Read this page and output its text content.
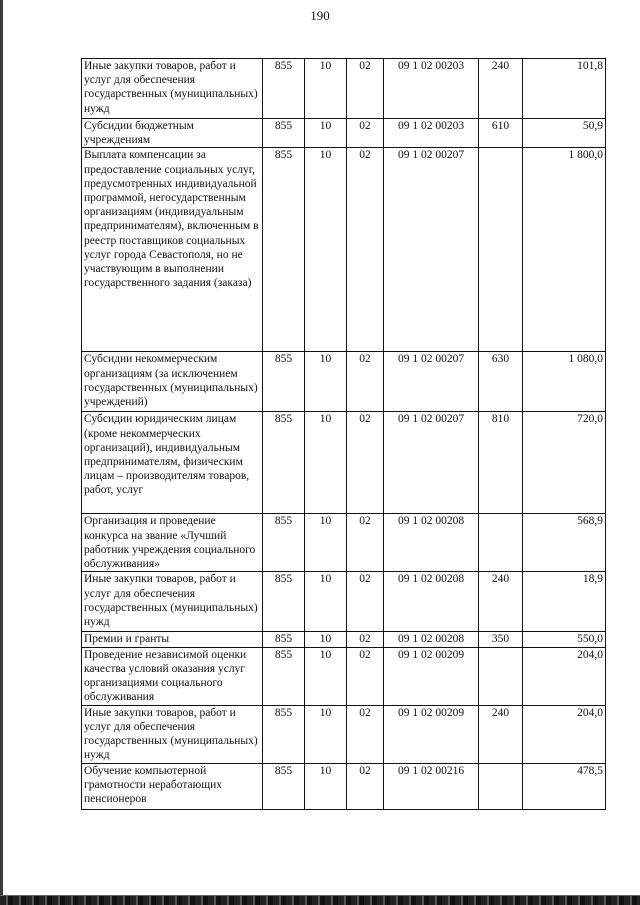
190
Иные закупки товаров, работ и услуг для обеспечения государственных (муниципальных) нужд	855	10	02	09 1 02 00203	240	101,8
Субсидии бюджетным учреждениям	855	10	02	09 1 02 00203	610	50,9
Выплата компенсации за предоставление социальных услуг, предусмотренных индивидуальной программой, негосударственным организациям (индивидуальным предпринимателям), включенным в реестр поставщиков социальных услуг города Севастополя, но не участвующим в выполнении государственного задания (заказа)	855	10	02	09 1 02 00207		1 800,0
Субсидии некоммерческим организациям (за исключением государственных (муниципальных) учреждений)	855	10	02	09 1 02 00207	630	1 080,0
Субсидии юридическим лицам (кроме некоммерческих организаций), индивидуальным предпринимателям, физическим лицам – производителям товаров, работ, услуг	855	10	02	09 1 02 00207	810	720,0
Организация и проведение конкурса на звание «Лучший работник учреждения социального обслуживания»	855	10	02	09 1 02 00208		568,9
Иные закупки товаров, работ и услуг для обеспечения государственных (муниципальных) нужд	855	10	02	09 1 02 00208	240	18,9
Премии и гранты	855	10	02	09 1 02 00208	350	550,0
Проведение независимой оценки качества условий оказания услуг организациями социального обслуживания	855	10	02	09 1 02 00209		204,0
Иные закупки товаров, работ и услуг для обеспечения государственных (муниципальных) нужд	855	10	02	09 1 02 00209	240	204,0
Обучение компьютерной грамотности неработающих пенсионеров	855	10	02	09 1 02 00216		478,5
